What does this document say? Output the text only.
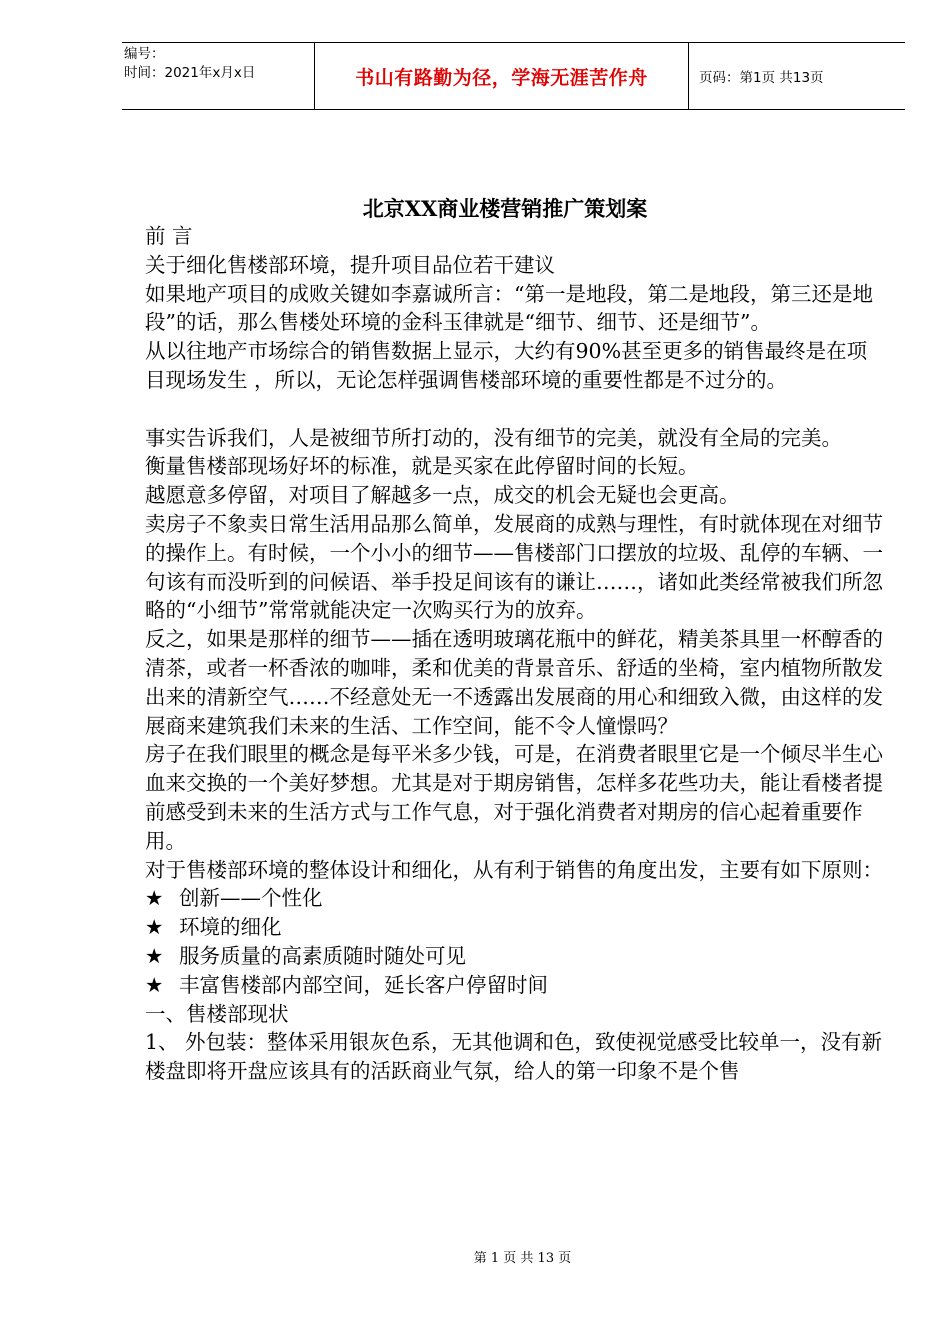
编号：
时间：2021年x月x日	书山有路勤为径，学海无涯苦作舟	页码：第1页 共13页
北京XX商业楼营销推广策划案

前 言

关于细化售楼部环境，提升项目品位若干建议

如果地产项目的成败关键如李嘉诚所言：“第一是地段，第二是地段，第三还是地段”的话，那么售楼处环境的金科玉律就是“细节、细节、还是细节”。

从以往地产市场综合的销售数据上显示，大约有90%甚至更多的销售最终是在项目现场发生 ，所以，无论怎样强调售楼部环境的重要性都是不过分的。

事实告诉我们，人是被细节所打动的，没有细节的完美，就没有全局的完美。

衡量售楼部现场好坏的标准，就是买家在此停留时间的长短。

越愿意多停留，对项目了解越多一点，成交的机会无疑也会更高。

卖房子不象卖日常生活用品那么简单，发展商的成熟与理性，有时就体现在对细节的操作上。有时候，一个小小的细节——售楼部门口摆放的垃圾、乱停的车辆、一句该有而没听到的问候语、举手投足间该有的谦让……，诸如此类经常被我们所忽略的“小细节”常常就能决定一次购买行为的放弃。

反之，如果是那样的细节——插在透明玻璃花瓶中的鲜花，精美茶具里一杯醇香的清茶，或者一杯香浓的咖啡，柔和优美的背景音乐、舒适的坐椅，室内植物所散发出来的清新空气……不经意处无一不透露出发展商的用心和细致入微，由这样的发展商来建筑我们未来的生活、工作空间，能不令人憧憬吗？

房子在我们眼里的概念是每平米多少钱，可是，在消费者眼里它是一个倾尽半生心血来交换的一个美好梦想。尤其是对于期房销售，怎样多花些功夫，能让看楼者提前感受到未来的生活方式与工作气息，对于强化消费者对期房的信心起着重要作用。

对于售楼部环境的整体设计和细化，从有利于销售的角度出发，主要有如下原则：

★ 创新——个性化
★ 环境的细化
★ 服务质量的高素质随时随处可见
★ 丰富售楼部内部空间，延长客户停留时间

一、售楼部现状

1、 外包装：整体采用银灰色系，无其他调和色，致使视觉感受比较单一，没有新楼盘即将开盘应该具有的活跃商业气氛，给人的第一印象不是个售

第 1 页 共 13 页
